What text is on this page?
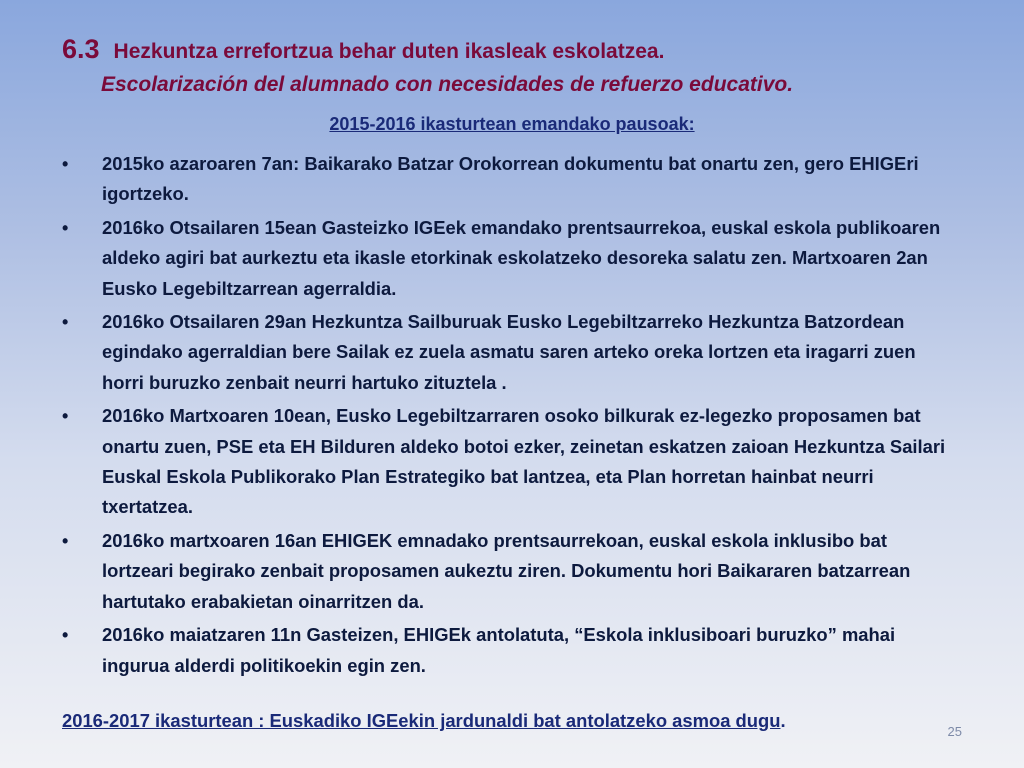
6.3 Hezkuntza errefortzua behar duten ikasleak eskolatzea.
Escolarización del alumnado con necesidades de refuerzo educativo.
2015-2016 ikasturtean emandako pausoak:
•	2015ko azaroaren 7an: Baikarako Batzar Orokorrean dokumentu bat onartu zen, gero EHIGEri igortzeko.
•	2016ko Otsailaren 15ean Gasteizko IGEek emandako prentsaurrekoa, euskal eskola publikoaren aldeko agiri bat aurkeztu eta ikasle etorkinak eskolatzeko desoreka salatu zen. Martxoaren 2an Eusko Legebiltzarrean agerraldia.
•	2016ko Otsailaren 29an Hezkuntza Sailburuak Eusko Legebiltzarreko Hezkuntza Batzordean egindako agerraldian bere Sailak ez zuela asmatu saren arteko oreka lortzen eta iragarri zuen horri buruzko zenbait neurri hartuko zituztela .
•	2016ko Martxoaren 10ean, Eusko Legebiltzarraren osoko bilkurak ez-legezko proposamen bat onartu zuen, PSE eta EH Bilduren aldeko botoi ezker, zeinetan eskatzen zaioan Hezkuntza Sailari Euskal Eskola Publikorako Plan Estrategiko bat lantzea, eta Plan horretan hainbat neurri txertatzea.
•	2016ko martxoaren 16an EHIGEK emnadako prentsaurrekoan, euskal eskola inklusibo bat lortzeari begirako zenbait proposamen aukeztu ziren. Dokumentu hori Baikararen batzarrean hartutako erabakietan oinarritzen da.
•	2016ko maiatzaren 11n Gasteizen, EHIGEk antolatuta, “Eskola inklusiboari buruzko” mahai ingurua alderdi politikoekin egin zen.
2016-2017 ikasturtean : Euskadiko IGEekin jardunaldi bat antolatzeko asmoa dugu.
25
